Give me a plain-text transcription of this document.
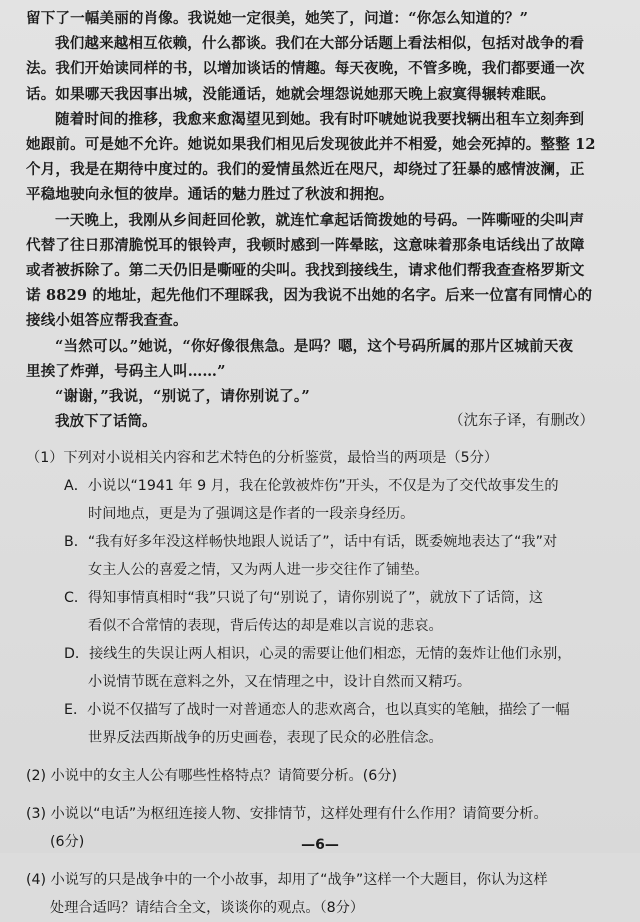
留下了一幅美丽的肖像。我说她一定很美，她笑了，问道：“你怎么知道的？”

我们越来越相互依赖，什么都谈。我们在大部分话题上看法相似，包括对战争的看
法。我们开始读同样的书，以增加谈话的情趣。每天夜晚，不管多晚，我们都要通一次
话。如果哪天我因事出城，没能通话，她就会埋怨说她那天晚上寂寞得辗转难眠。

随着时间的推移，我愈来愈渴望见到她。我有时吓唬她说我要找辆出租车立刻奔到
她跟前。可是她不允许。她说如果我们相见后发现彼此并不相爱，她会死掉的。整整 12
个月，我是在期待中度过的。我们的爱情虽然近在咫尺，却绕过了狂暴的感情波澜，正
平稳地驶向永恒的彼岸。通话的魅力胜过了秋波和拥抱。

一天晚上，我刚从乡间赶回伦敦，就连忙拿起话筒拨她的号码。一阵嘶哑的尖叫声
代替了往日那清脆悦耳的银铃声，我顿时感到一阵晕眩，这意味着那条电话线出了故障
或者被拆除了。第二天仍旧是嘶哑的尖叫。我找到接线生，请求他们帮我查查格罗斯文
诺 8829 的地址，起先他们不理睬我，因为我说不出她的名字。后来一位富有同情心的
接线小姐答应帮我查查。

“当然可以。”她说，“你好像很焦急。是吗？嗯，这个号码所属的那片区城前天夜
里挨了炸弹，号码主人叫……”

“谢谢，”我说，“别说了，请你别说了。”

我放下了话筒。	（沈东子译，有删改）

（1）下列对小说相关内容和艺术特色的分析鉴赏，最恰当的两项是（5分）

A．小说以“1941 年 9 月，我在伦敦被炸伤”开头，不仅是为了交代故事发生的
时间地点，更是为了强调这是作者的一段亲身经历。

B．“我有好多年没这样畅快地跟人说话了”，话中有话，既委婉地表达了“我”对
女主人公的喜爱之情，又为两人进一步交往作了铺垫。

C．得知事情真相时“我”只说了句“别说了，请你别说了”，就放下了话筒，这
看似不合常情的表现，背后传达的却是难以言说的悲哀。

D．接线生的失误让两人相识，心灵的需要让他们相恋，无情的轰炸让他们永别，
小说情节既在意料之外，又在情理之中，设计自然而又精巧。

E．小说不仅描写了战时一对普通恋人的悲欢离合，也以真实的笔触，描绘了一幅
世界反法西斯战争的历史画卷，表现了民众的必胜信念。

(2) 小说中的女主人公有哪些性格特点？请简要分析。(6分)

(3) 小说以“电话”为枢纽连接人物、安排情节，这样处理有什么作用？请简要分析。
(6分)

(4) 小说写的只是战争中的一个小故事，却用了“战争”这样一个大题目，你认为这样
处理合适吗？请结合全文，谈谈你的观点。（8分）

—6—
